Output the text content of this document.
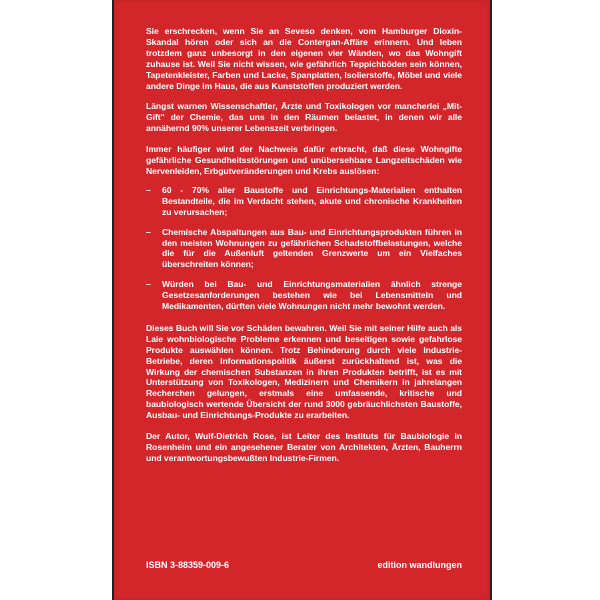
Sie erschrecken, wenn Sie an Seveso denken, vom Hamburger Dioxin-Skandal hören oder sich an die Contergan-Affäre erinnern. Und leben trotzdem ganz unbesorgt in den eigenen vier Wänden, wo das Wohngift zuhause ist. Weil Sie nicht wissen, wie gefährlich Teppichböden sein können, Tapetenkleister, Farben und Lacke, Spanplatten, Isolierstoffe, Möbel und viele andere Dinge im Haus, die aus Kunststoffen produziert werden.

Längst warnen Wissenschaftler, Ärzte und Toxikologen vor mancherlei „Mit-Gift" der Chemie, das uns in den Räumen belastet, in denen wir alle annähernd 90% unserer Lebenszeit verbringen.

Immer häufiger wird der Nachweis dafür erbracht, daß diese Wohngifte gefährliche Gesundheitsstörungen und unübersehbare Langzeitschäden wie Nervenleiden, Erbgutveränderungen und Krebs auslösen:

– 60 - 70% aller Baustoffe und Einrichtungs-Materialien enthalten Bestandteile, die im Verdacht stehen, akute und chronische Krankheiten zu verursachen;
– Chemische Abspaltungen aus Bau- und Einrichtungsprodukten führen in den meisten Wohnungen zu gefährlichen Schadstoffbelastungen, welche die für die Außenluft geltenden Grenzwerte um ein Vielfaches überschreiten können;
– Würden bei Bau- und Einrichtungsmaterialien ähnlich strenge Gesetzesanforderungen bestehen wie bei Lebensmitteln und Medikamenten, dürften viele Wohnungen nicht mehr bewohnt werden.

Dieses Buch will Sie vor Schäden bewahren. Weil Sie mit seiner Hilfe auch als Laie wohnbiologische Probleme erkennen und beseitigen sowie gefahrlose Produkte auswählen können. Trotz Behinderung durch viele Industrie-Betriebe, deren Informationspolitik äußerst zurückhaltend ist, was die Wirkung der chemischen Substanzen in ihren Produkten betrifft, ist es mit Unterstützung von Toxikologen, Medizinern und Chemikern in jahrelangen Recherchen gelungen, erstmals eine umfassende, kritische und baubiologisch wertende Übersicht der rund 3000 gebräuchlichsten Baustoffe, Ausbau- und Einrichtungs-Produkte zu erarbeiten.

Der Autor, Wulf-Dietrich Rose, ist Leiter des Instituts für Baubiologie in Rosenheim und ein angesehener Berater von Architekten, Ärzten, Bauherrn und verantwortungsbewußten Industrie-Firmen.

ISBN 3-88359-009-6	edition wandlungen
